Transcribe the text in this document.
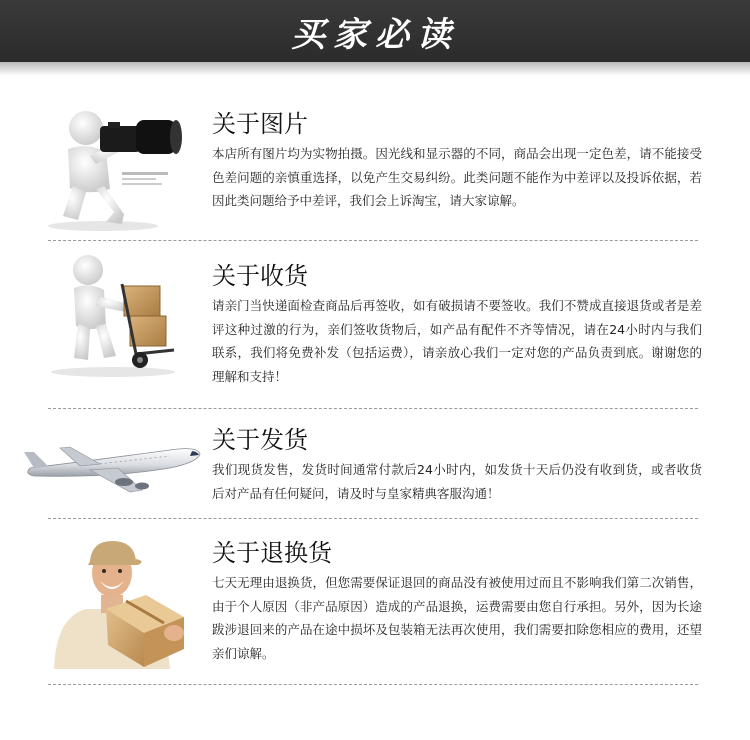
买家必读
关于图片
本店所有图片均为实物拍摄。因光线和显示器的不同，商品会出现一定色差，请不能接受色差问题的亲慎重选择，以免产生交易纠纷。此类问题不能作为中差评以及投诉依据，若因此类问题给予中差评，我们会上诉淘宝，请大家谅解。
关于收货
请亲门当快递面检查商品后再签收，如有破损请不要签收。我们不赞成直接退货或者是差评这种过激的行为，亲们签收货物后，如产品有配件不齐等情况，请在24小时内与我们联系，我们将免费补发（包括运费），请亲放心我们一定对您的产品负责到底。谢谢您的理解和支持！
关于发货
我们现货发售，发货时间通常付款后24小时内，如发货十天后仍没有收到货，或者收货后对产品有任何疑问，请及时与皇家精典客服沟通！
关于退换货
七天无理由退换货，但您需要保证退回的商品没有被使用过而且不影响我们第二次销售，由于个人原因（非产品原因）造成的产品退换，运费需要由您自行承担。另外，因为长途跋涉退回来的产品在途中损坏及包装箱无法再次使用，我们需要扣除您相应的费用，还望亲们谅解。
